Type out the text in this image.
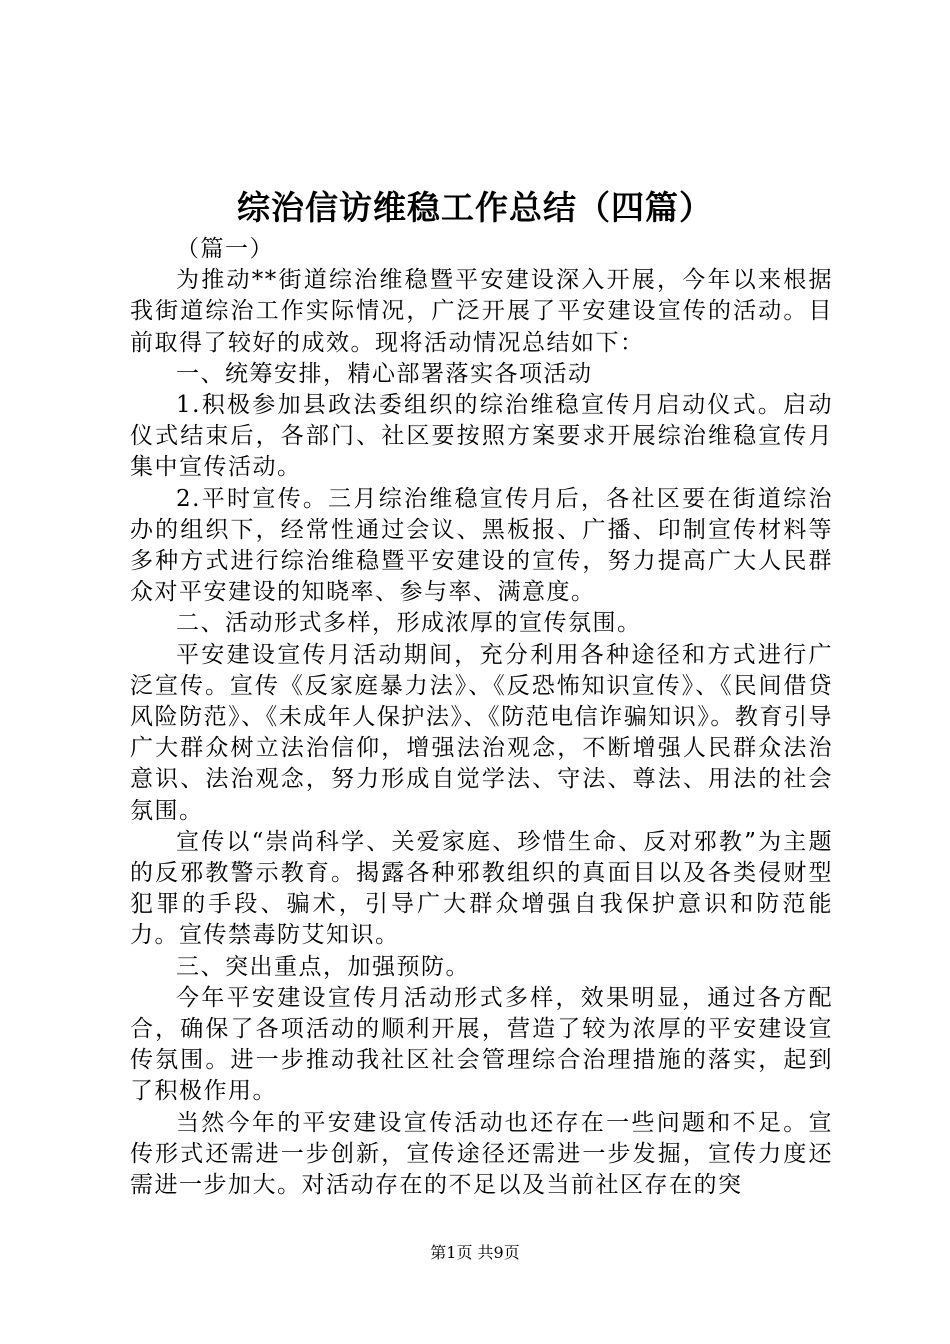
综治信访维稳工作总结（四篇）

（篇一）

为推动**街道综治维稳暨平安建设深入开展，今年以来根据我街道综治工作实际情况，广泛开展了平安建设宣传的活动。目前取得了较好的成效。现将活动情况总结如下：

一、统筹安排，精心部署落实各项活动

1.积极参加县政法委组织的综治维稳宣传月启动仪式。启动仪式结束后，各部门、社区要按照方案要求开展综治维稳宣传月集中宣传活动。

2.平时宣传。三月综治维稳宣传月后，各社区要在街道综治办的组织下，经常性通过会议、黑板报、广播、印制宣传材料等多种方式进行综治维稳暨平安建设的宣传，努力提高广大人民群众对平安建设的知晓率、参与率、满意度。

二、活动形式多样，形成浓厚的宣传氛围。

平安建设宣传月活动期间，充分利用各种途径和方式进行广泛宣传。宣传《反家庭暴力法》、《反恐怖知识宣传》、《民间借贷风险防范》、《未成年人保护法》、《防范电信诈骗知识》。教育引导广大群众树立法治信仰，增强法治观念，不断增强人民群众法治意识、法治观念，努力形成自觉学法、守法、尊法、用法的社会氛围。

宣传以“崇尚科学、关爱家庭、珍惜生命、反对邪教”为主题的反邪教警示教育。揭露各种邪教组织的真面目以及各类侵财型犯罪的手段、骗术，引导广大群众增强自我保护意识和防范能力。宣传禁毒防艾知识。

三、突出重点，加强预防。

今年平安建设宣传月活动形式多样，效果明显，通过各方配合，确保了各项活动的顺利开展，营造了较为浓厚的平安建设宣传氛围。进一步推动我社区社会管理综合治理措施的落实，起到了积极作用。

当然今年的平安建设宣传活动也还存在一些问题和不足。宣传形式还需进一步创新，宣传途径还需进一步发掘，宣传力度还需进一步加大。对活动存在的不足以及当前社区存在的突

第1页 共9页
